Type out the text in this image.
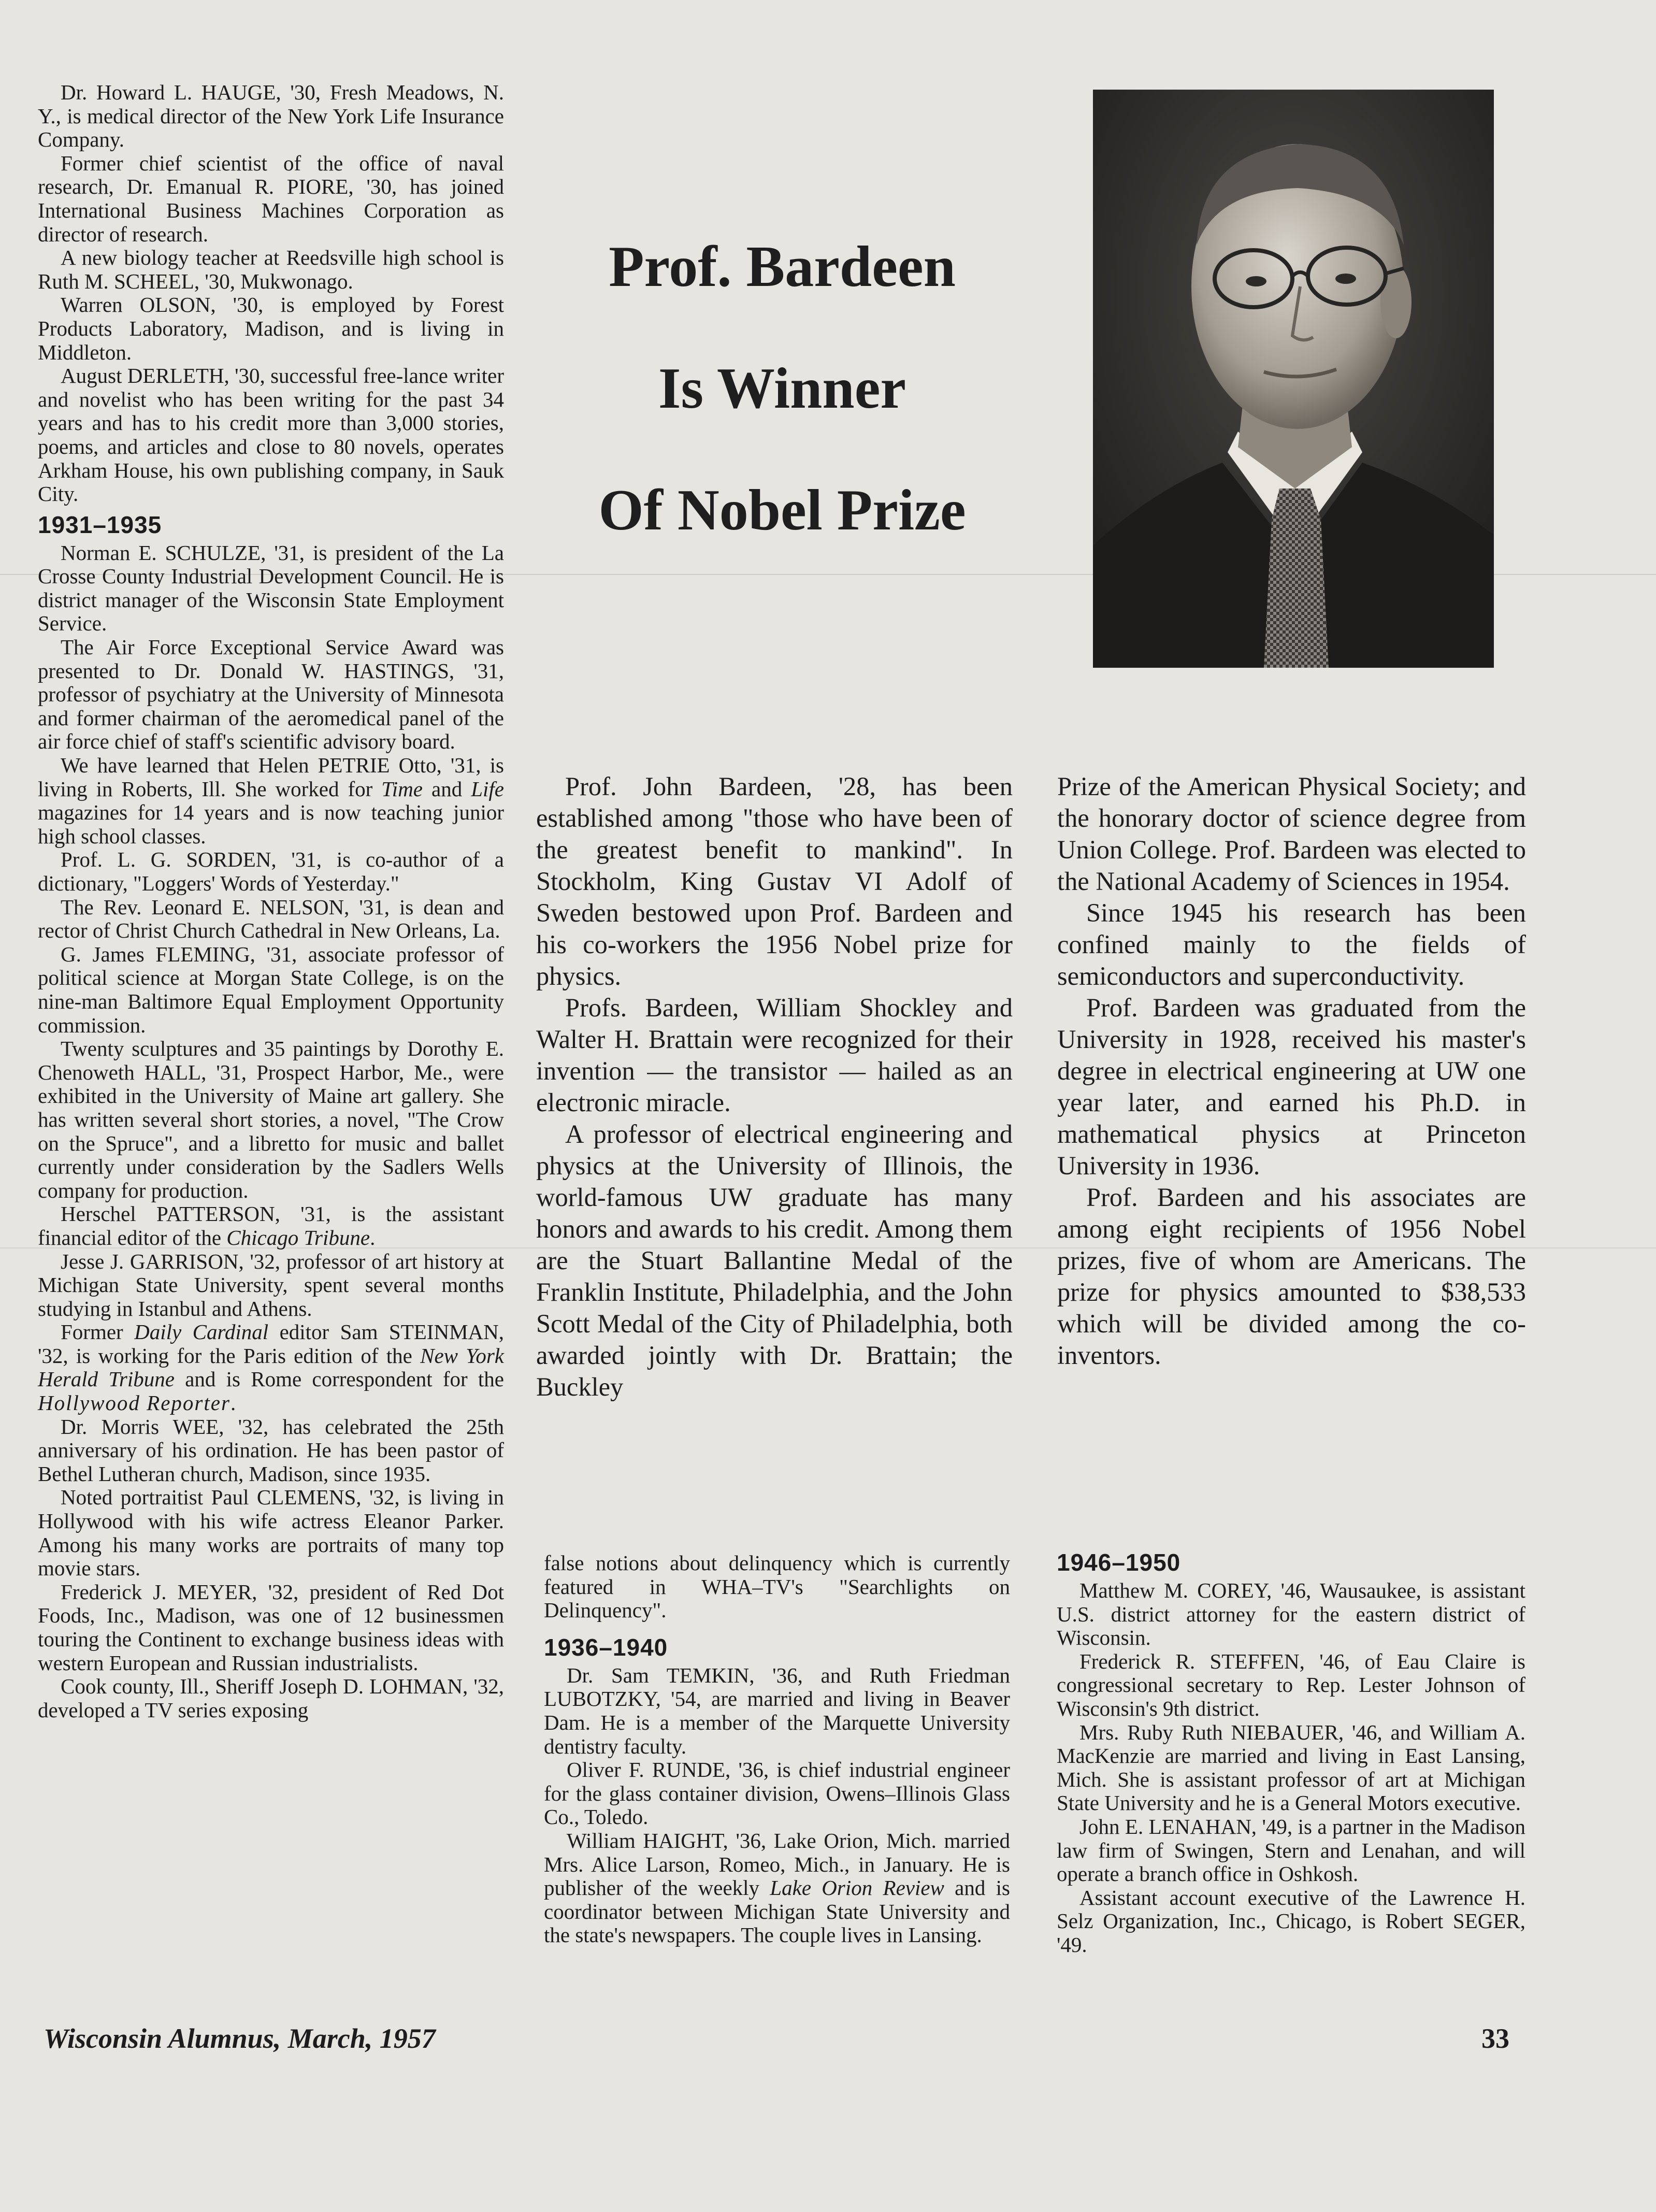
Dr. Howard L. HAUGE, '30, Fresh Meadows, N. Y., is medical director of the New York Life Insurance Company.

Former chief scientist of the office of naval research, Dr. Emanual R. PIORE, '30, has joined International Business Machines Corporation as director of research.

A new biology teacher at Reedsville high school is Ruth M. SCHEEL, '30, Mukwonago.

Warren OLSON, '30, is employed by Forest Products Laboratory, Madison, and is living in Middleton.

August DERLETH, '30, successful free-lance writer and novelist who has been writing for the past 34 years and has to his credit more than 3,000 stories, poems, and articles and close to 80 novels, operates Arkham House, his own publishing company, in Sauk City.

1931–1935

Norman E. SCHULZE, '31, is president of the La Crosse County Industrial Development Council. He is district manager of the Wisconsin State Employment Service.

The Air Force Exceptional Service Award was presented to Dr. Donald W. HASTINGS, '31, professor of psychiatry at the University of Minnesota and former chairman of the aeromedical panel of the air force chief of staff's scientific advisory board.

We have learned that Helen PETRIE Otto, '31, is living in Roberts, Ill. She worked for Time and Life magazines for 14 years and is now teaching junior high school classes.

Prof. L. G. SORDEN, '31, is co-author of a dictionary, "Loggers' Words of Yesterday."

The Rev. Leonard E. NELSON, '31, is dean and rector of Christ Church Cathedral in New Orleans, La.

G. James FLEMING, '31, associate professor of political science at Morgan State College, is on the nine-man Baltimore Equal Employment Opportunity commission.

Twenty sculptures and 35 paintings by Dorothy E. Chenoweth HALL, '31, Prospect Harbor, Me., were exhibited in the University of Maine art gallery. She has written several short stories, a novel, "The Crow on the Spruce", and a libretto for music and ballet currently under consideration by the Sadlers Wells company for production.

Herschel PATTERSON, '31, is the assistant financial editor of the Chicago Tribune.

Jesse J. GARRISON, '32, professor of art history at Michigan State University, spent several months studying in Istanbul and Athens.

Former Daily Cardinal editor Sam STEINMAN, '32, is working for the Paris edition of the New York Herald Tribune and is Rome correspondent for the Hollywood Reporter.

Dr. Morris WEE, '32, has celebrated the 25th anniversary of his ordination. He has been pastor of Bethel Lutheran church, Madison, since 1935.

Noted portraitist Paul CLEMENS, '32, is living in Hollywood with his wife actress Eleanor Parker. Among his many works are portraits of many top movie stars.

Frederick J. MEYER, '32, president of Red Dot Foods, Inc., Madison, was one of 12 businessmen touring the Continent to exchange business ideas with western European and Russian industrialists.

Cook county, Ill., Sheriff Joseph D. LOHMAN, '32, developed a TV series exposing

Prof. Bardeen
Is Winner
Of Nobel Prize

Prof. John Bardeen, '28, has been established among "those who have been of the greatest benefit to mankind". In Stockholm, King Gustav VI Adolf of Sweden bestowed upon Prof. Bardeen and his co-workers the 1956 Nobel prize for physics.

Profs. Bardeen, William Shockley and Walter H. Brattain were recognized for their invention — the transistor — hailed as an electronic miracle.

A professor of electrical engineering and physics at the University of Illinois, the world-famous UW graduate has many honors and awards to his credit. Among them are the Stuart Ballantine Medal of the Franklin Institute, Philadelphia, and the John Scott Medal of the City of Philadelphia, both awarded jointly with Dr. Brattain; the Buckley

Prize of the American Physical Society; and the honorary doctor of science degree from Union College. Prof. Bardeen was elected to the National Academy of Sciences in 1954.

Since 1945 his research has been confined mainly to the fields of semiconductors and superconductivity.

Prof. Bardeen was graduated from the University in 1928, received his master's degree in electrical engineering at UW one year later, and earned his Ph.D. in mathematical physics at Princeton University in 1936.

Prof. Bardeen and his associates are among eight recipients of 1956 Nobel prizes, five of whom are Americans. The prize for physics amounted to $38,533 which will be divided among the co-inventors.

false notions about delinquency which is currently featured in WHA–TV's "Searchlights on Delinquency".

1936–1940

Dr. Sam TEMKIN, '36, and Ruth Friedman LUBOTZKY, '54, are married and living in Beaver Dam. He is a member of the Marquette University dentistry faculty.

Oliver F. RUNDE, '36, is chief industrial engineer for the glass container division, Owens–Illinois Glass Co., Toledo.

William HAIGHT, '36, Lake Orion, Mich. married Mrs. Alice Larson, Romeo, Mich., in January. He is publisher of the weekly Lake Orion Review and is coordinator between Michigan State University and the state's newspapers. The couple lives in Lansing.

1946–1950

Matthew M. COREY, '46, Wausaukee, is assistant U.S. district attorney for the eastern district of Wisconsin.

Frederick R. STEFFEN, '46, of Eau Claire is congressional secretary to Rep. Lester Johnson of Wisconsin's 9th district.

Mrs. Ruby Ruth NIEBAUER, '46, and William A. MacKenzie are married and living in East Lansing, Mich. She is assistant professor of art at Michigan State University and he is a General Motors executive.

John E. LENAHAN, '49, is a partner in the Madison law firm of Swingen, Stern and Lenahan, and will operate a branch office in Oshkosh.

Assistant account executive of the Lawrence H. Selz Organization, Inc., Chicago, is Robert SEGER, '49.

Wisconsin Alumnus, March, 1957	33
